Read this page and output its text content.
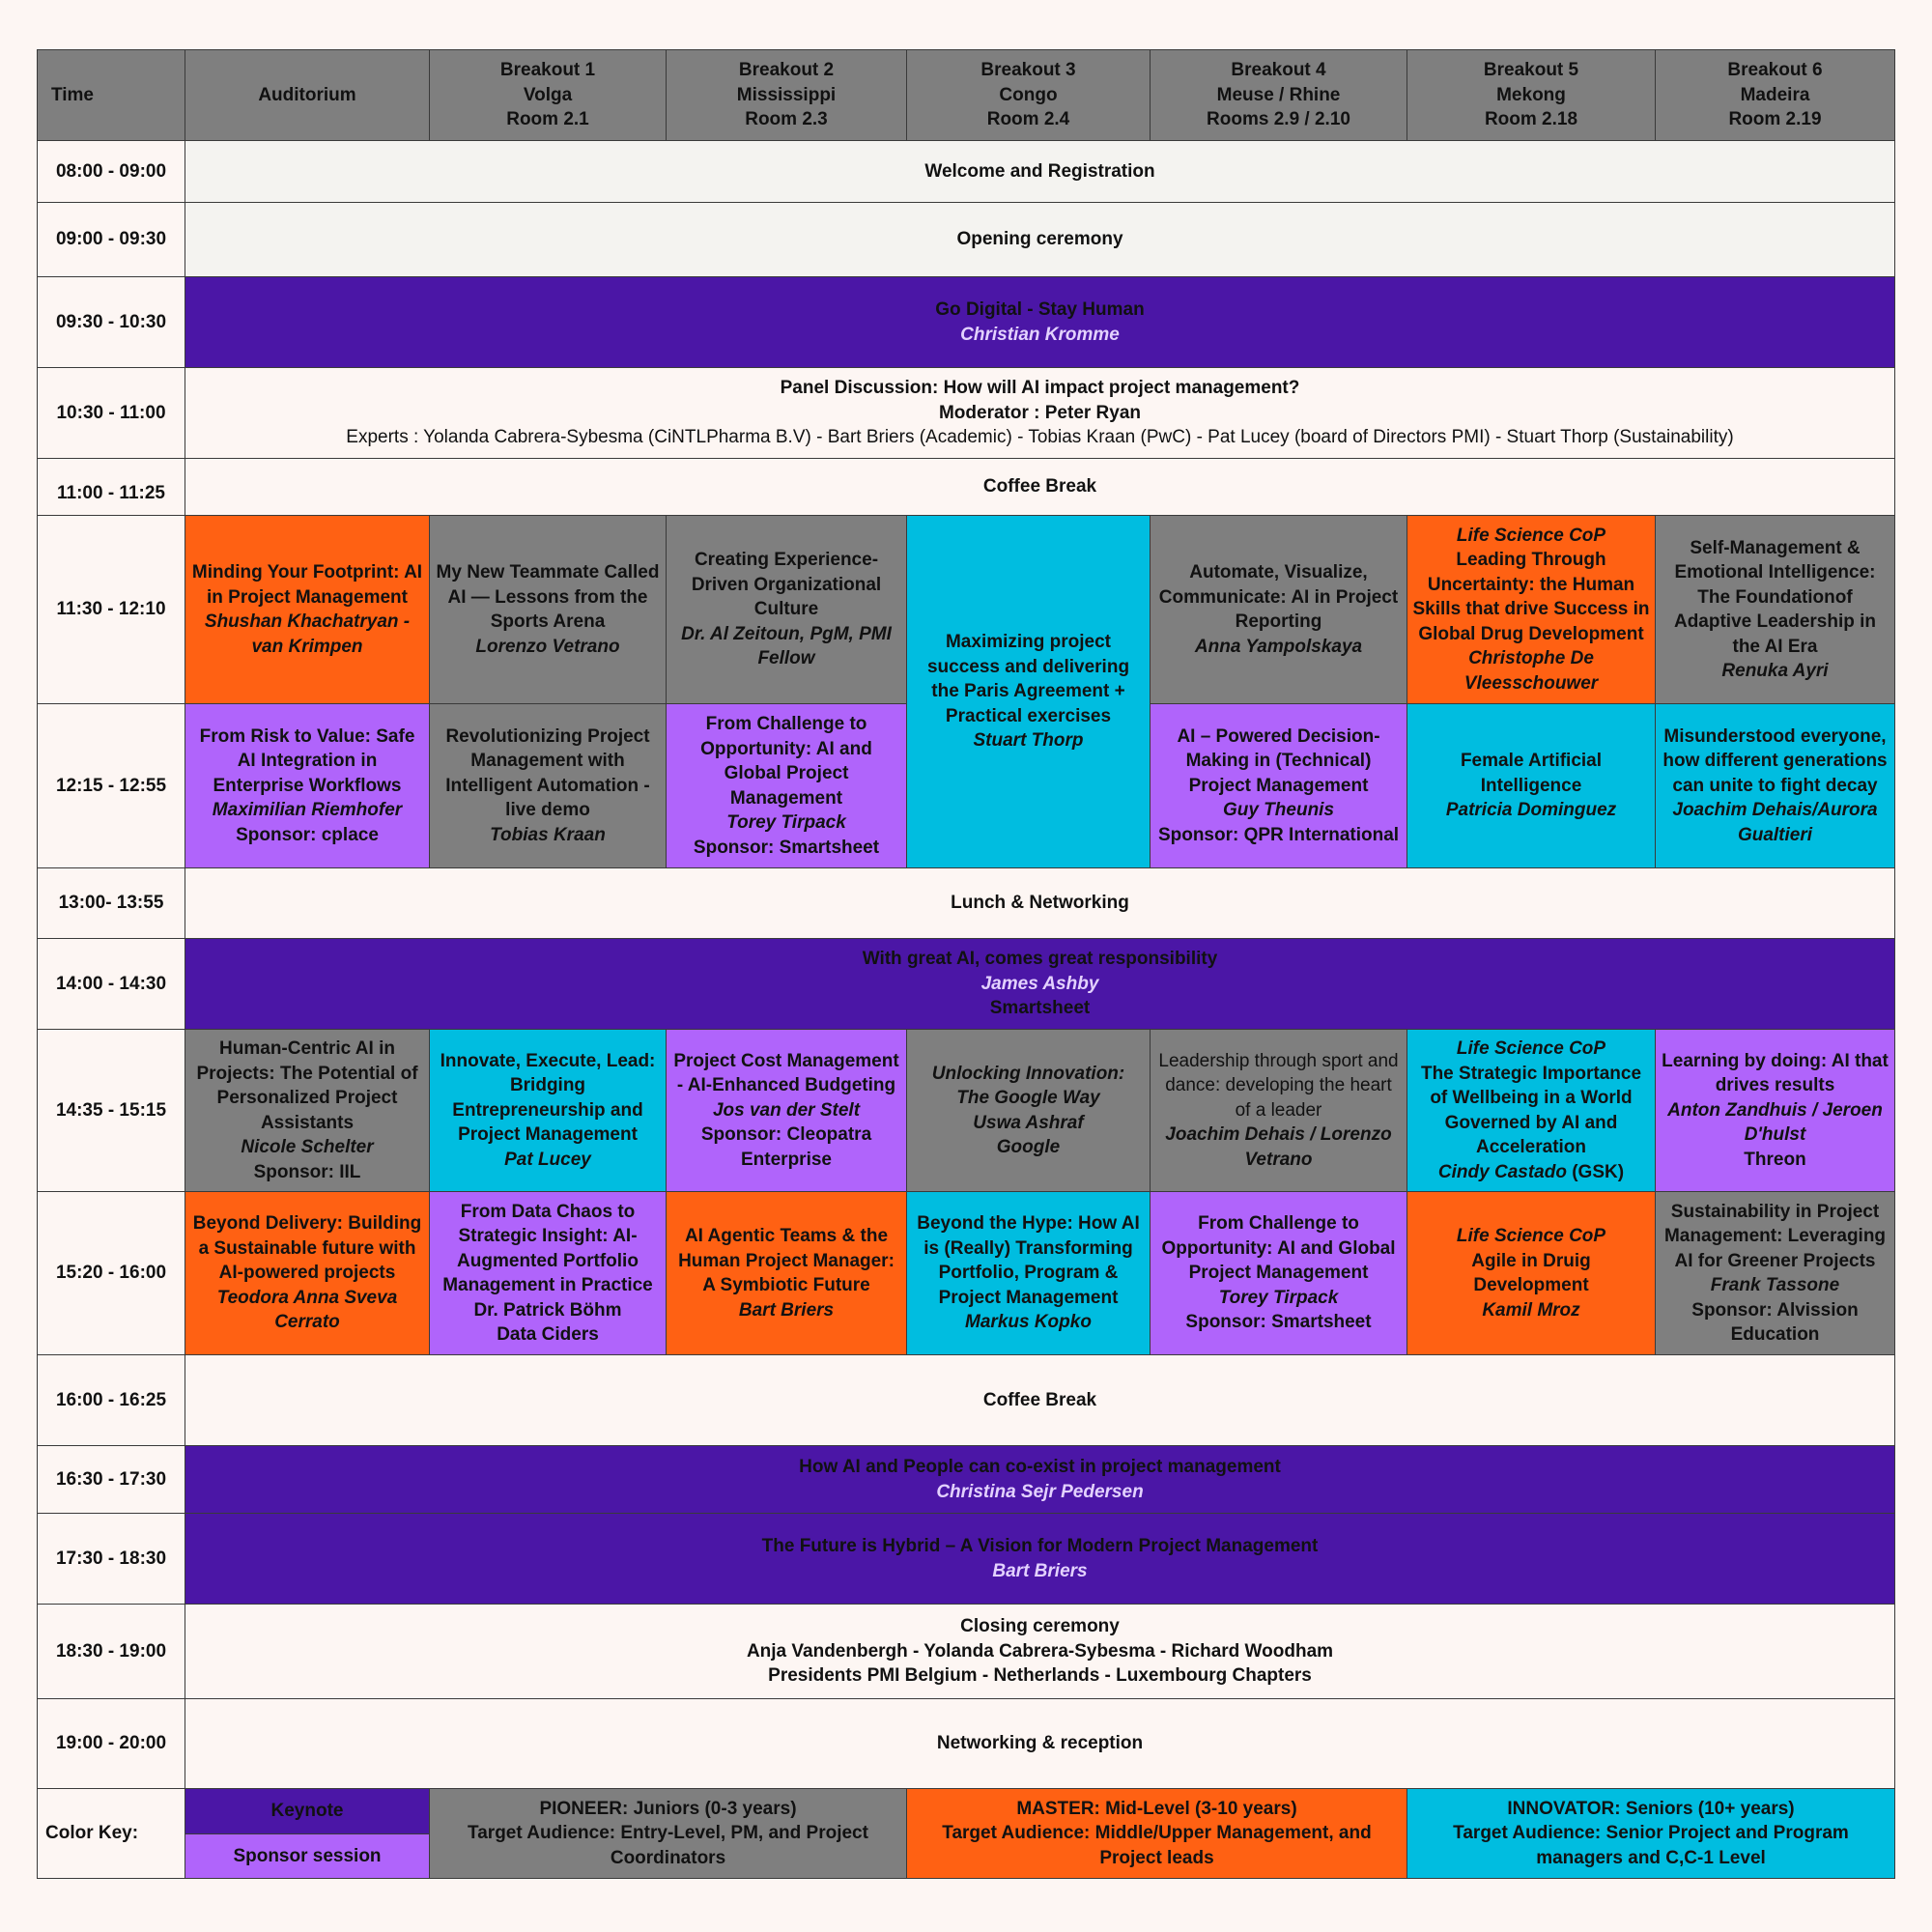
Time	Auditorium	Breakout 1
Volga
Room 2.1	Breakout 2
Mississippi
Room 2.3	Breakout 3
Congo
Room 2.4	Breakout 4
Meuse / Rhine
Rooms 2.9 / 2.10	Breakout 5
Mekong
Room 2.18	Breakout 6
Madeira
Room 2.19

08:00 - 09:00	Welcome and Registration						
09:00 - 09:30	Opening ceremony						
09:30 - 10:30	Go Digital - Stay Human
Christian Kromme						

10:30 - 11:00	Panel Discussion: How will AI impact project management?
Moderator : Peter Ryan
Experts : Yolanda Cabrera-Sybesma (CiNTLPharma B.V) - Bart Briers (Academic) - Tobias Kraan (PwC) - Pat Lucey (board of Directors PMI) - Stuart Thorp (Sustainability)						

11:00 - 11:25	Coffee Break						
11:30 - 12:10	Minding Your Footprint: AI in Project Management
Shushan Khachatryan - van Krimpen	My New Teammate Called AI — Lessons from the Sports Arena
Lorenzo Vetrano	Creating Experience-Driven Organizational Culture
Dr. Al Zeitoun, PgM, PMI Fellow	Maximizing project success and delivering the Paris Agreement + Practical exercises
Stuart Thorp	Automate, Visualize, Communicate: AI in Project Reporting
Anna Yampolskaya	Life Science CoP
Leading Through Uncertainty: the Human Skills that drive Success in Global Drug Development
Christophe De Vleesschouwer	Self-Management & Emotional Intelligence: The Foundationof Adaptive Leadership in the AI Era
Renuka Ayri

12:15 - 12:55	From Risk to Value: Safe AI Integration in Enterprise Workflows
Maximilian Riemhofer
Sponsor: cplace	Revolutionizing Project Management with Intelligent Automation - live demo
Tobias Kraan	From Challenge to Opportunity: AI and Global Project Management
Torey Tirpack
Sponsor: Smartsheet		AI – Powered Decision-Making in (Technical) Project Management
Guy Theunis
Sponsor: QPR International	Female Artificial Intelligence
Patricia Dominguez	Misunderstood everyone, how different generations can unite to fight decay
Joachim Dehais/Aurora Gualtieri

13:00- 13:55	Lunch & Networking						
14:00 - 14:30	With great AI, comes great responsibility
James Ashby
Smartsheet						

14:35 - 15:15	Human-Centric AI in Projects: The Potential of Personalized Project Assistants
Nicole Schelter
Sponsor: IIL	Innovate, Execute, Lead: Bridging Entrepreneurship and Project Management
Pat Lucey	Project Cost Management - AI-Enhanced Budgeting
Jos van der Stelt
Sponsor: Cleopatra Enterprise	Unlocking Innovation:
The Google Way
Uswa Ashraf
Google	Leadership through sport and dance: developing the heart of a leader
Joachim Dehais / Lorenzo Vetrano	Life Science CoP
The Strategic Importance of Wellbeing in a World Governed by AI and Acceleration
Cindy Castado (GSK)	Learning by doing: AI that drives results
Anton Zandhuis / Jeroen D'hulst
Threon

15:20 - 16:00	Beyond Delivery: Building a Sustainable future with AI-powered projects
Teodora Anna Sveva Cerrato	From Data Chaos to Strategic Insight: AI-Augmented Portfolio Management in Practice
Dr. Patrick Böhm
Data Ciders	AI Agentic Teams & the Human Project Manager: A Symbiotic Future
Bart Briers	Beyond the Hype: How AI is (Really) Transforming Portfolio, Program & Project Management
Markus Kopko	From Challenge to Opportunity: AI and Global Project Management
Torey Tirpack
Sponsor: Smartsheet	Life Science CoP
Agile in Druig Development
Kamil Mroz	Sustainability in Project Management: Leveraging AI for Greener Projects
Frank Tassone
Sponsor: Alvission Education

16:00 - 16:25	Coffee Break						
16:30 - 17:30	How AI and People can co-exist in project management
Christina Sejr Pedersen						

17:30 - 18:30	The Future is Hybrid – A Vision for Modern Project Management
Bart Briers						

18:30 - 19:00	Closing ceremony
Anja Vandenbergh - Yolanda Cabrera-Sybesma - Richard Woodham
Presidents PMI Belgium - Netherlands - Luxembourg Chapters						

19:00 - 20:00	Networking & reception						
Color Key:	Keynote	PIONEER: Juniors (0-3 years)
Target Audience: Entry-Level, PM, and Project Coordinators		MASTER: Mid-Level (3-10 years)
Target Audience: Middle/Upper Management, and Project leads		INNOVATOR: Seniors (10+ years)
Target Audience: Senior Project and Program managers and C,C-1 Level	

	Sponsor session						
